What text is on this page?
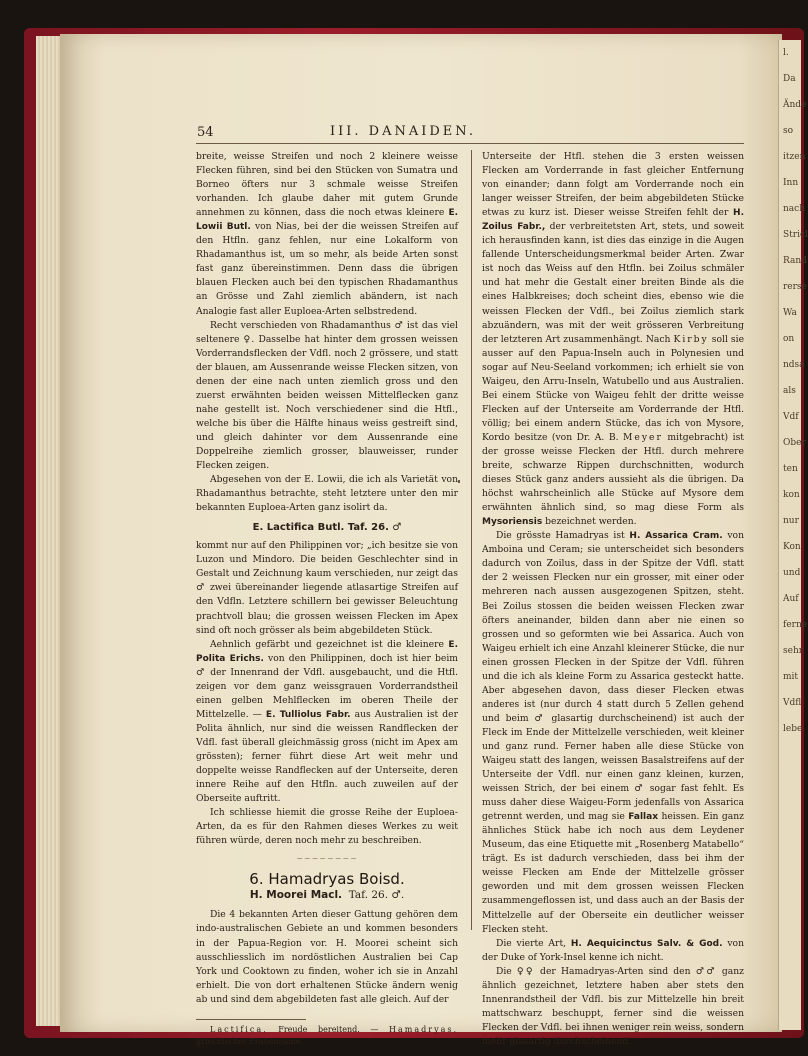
l. Da
Ände
so
itzen
Inn
nach
Stricl
Rand
rerse
Wa
on
ndsa
als
Vdf
Ober
ten
kon
nur
Kon
und
Auf
ferne
sehr
mit
Vdfl
lebe
54	III. DANAIDEN.

breite, weisse Streifen und noch 2 kleinere weisse Flecken führen, sind bei den Stücken von Sumatra und Borneo öfters nur 3 schmale weisse Streifen vorhanden. Ich glaube daher mit gutem Grunde annehmen zu können, dass die noch etwas kleinere E. Lowii Butl. von Nias, bei der die weissen Streifen auf den Htfln. ganz fehlen, nur eine Lokalform von Rhadamanthus ist, um so mehr, als beide Arten sonst fast ganz übereinstimmen. Denn dass die übrigen blauen Flecken auch bei den typischen Rhadamanthus an Grösse und Zahl ziemlich abändern, ist nach Analogie fast aller Euploea-Arten selbstredend.

Recht verschieden von Rhadamanthus ♂ ist das viel seltenere ♀. Dasselbe hat hinter dem grossen weissen Vorderrandsflecken der Vdfl. noch 2 grössere, und statt der blauen, am Aussenrande weisse Flecken sitzen, von denen der eine nach unten ziemlich gross und den zuerst erwähnten beiden weissen Mittelflecken ganz nahe gestellt ist. Noch verschiedener sind die Htfl., welche bis über die Hälfte hinaus weiss gestreift sind, und gleich dahinter vor dem Aussenrande eine Doppelreihe ziemlich grosser, blauweisser, runder Flecken zeigen.

Abgesehen von der E. Lowii, die ich als Varietät von Rhadamanthus betrachte, steht letztere unter den mir bekannten Euploea-Arten ganz isolirt da.

E. Lactifica Butl. Taf. 26. ♂

kommt nur auf den Philippinen vor; „ich besitze sie von Luzon und Mindoro. Die beiden Geschlechter sind in Gestalt und Zeichnung kaum verschieden, nur zeigt das ♂ zwei übereinander liegende atlasartige Streifen auf den Vdfln. Letztere schillern bei gewisser Beleuchtung prachtvoll blau; die grossen weissen Flecken im Apex sind oft noch grösser als beim abgebildeten Stück.

Aehnlich gefärbt und gezeichnet ist die kleinere E. Polita Erichs. von den Philippinen, doch ist hier beim ♂ der Innenrand der Vdfl. ausgebaucht, und die Htfl. zeigen vor dem ganz weissgrauen Vorderrandstheil einen gelben Mehlflecken im oberen Theile der Mittelzelle. — E. Tulliolus Fabr. aus Australien ist der Polita ähnlich, nur sind die weissen Randflecken der Vdfl. fast überall gleichmässig gross (nicht im Apex am grössten); ferner führt diese Art weit mehr und doppelte weisse Randflecken auf der Unterseite, deren innere Reihe auf den Htfln. auch zuweilen auf der Oberseite auftritt.

Ich schliesse hiemit die grosse Reihe der Euploea-Arten, da es für den Rahmen dieses Werkes zu weit führen würde, deren noch mehr zu beschreiben.

~~~~~~~~
6. Hamadryas Boisd.
H. Moorei Macl. Taf. 26. ♂.

Die 4 bekannten Arten dieser Gattung gehören dem indo-australischen Gebiete an und kommen besonders in der Papua-Region vor. H. Moorei scheint sich ausschliesslich im nordöstlichen Australien bei Cap York und Cooktown zu finden, woher ich sie in Anzahl erhielt. Die von dort erhaltenen Stücke ändern wenig ab und sind dem abgebildeten fast alle gleich. Auf der

Lactifica, Freude bereitend. — Hamadryas, griechischer Frauenname.

Unterseite der Htfl. stehen die 3 ersten weissen Flecken am Vorderrande in fast gleicher Entfernung von einander; dann folgt am Vorderrande noch ein langer weisser Streifen, der beim abgebildeten Stücke etwas zu kurz ist. Dieser weisse Streifen fehlt der H. Zoilus Fabr., der verbreitetsten Art, stets, und soweit ich herausfinden kann, ist dies das einzige in die Augen fallende Unterscheidungsmerkmal beider Arten. Zwar ist noch das Weiss auf den Htfln. bei Zoilus schmäler und hat mehr die Gestalt einer breiten Binde als die eines Halbkreises; doch scheint dies, ebenso wie die weissen Flecken der Vdfl., bei Zoilus ziemlich stark abzuändern, was mit der weit grösseren Verbreitung der letzteren Art zusammenhängt. Nach Kirby soll sie ausser auf den Papua-Inseln auch in Polynesien und sogar auf Neu-Seeland vorkommen; ich erhielt sie von Waigeu, den Arru-Inseln, Watubello und aus Australien. Bei einem Stücke von Waigeu fehlt der dritte weisse Flecken auf der Unterseite am Vorderrande der Htfl. völlig; bei einem andern Stücke, das ich von Mysore, Kordo besitze (von Dr. A. B. Meyer mitgebracht) ist der grosse weisse Flecken der Htfl. durch mehrere breite, schwarze Rippen durchschnitten, wodurch dieses Stück ganz anders aussieht als die übrigen. Da höchst wahrscheinlich alle Stücke auf Mysore dem erwähnten ähnlich sind, so mag diese Form als Mysoriensis bezeichnet werden.

Die grösste Hamadryas ist H. Assarica Cram. von Amboina und Ceram; sie unterscheidet sich besonders dadurch von Zoilus, dass in der Spitze der Vdfl. statt der 2 weissen Flecken nur ein grosser, mit einer oder mehreren nach aussen ausgezogenen Spitzen, steht. Bei Zoilus stossen die beiden weissen Flecken zwar öfters aneinander, bilden dann aber nie einen so grossen und so geformten wie bei Assarica. Auch von Waigeu erhielt ich eine Anzahl kleinerer Stücke, die nur einen grossen Flecken in der Spitze der Vdfl. führen und die ich als kleine Form zu Assarica gesteckt hatte. Aber abgesehen davon, dass dieser Flecken etwas anderes ist (nur durch 4 statt durch 5 Zellen gehend und beim ♂ glasartig durchscheinend) ist auch der Fleck im Ende der Mittelzelle verschieden, weit kleiner und ganz rund. Ferner haben alle diese Stücke von Waigeu statt des langen, weissen Basalstreifens auf der Unterseite der Vdfl. nur einen ganz kleinen, kurzen, weissen Strich, der bei einem ♂ sogar fast fehlt. Es muss daher diese Waigeu-Form jedenfalls von Assarica getrennt werden, und mag sie Fallax heissen. Ein ganz ähnliches Stück habe ich noch aus dem Leydener Museum, das eine Etiquette mit „Rosenberg Matabello“ trägt. Es ist dadurch verschieden, dass bei ihm der weisse Flecken am Ende der Mittelzelle grösser geworden und mit dem grossen weissen Flecken zusammengeflossen ist, und dass auch an der Basis der Mittelzelle auf der Oberseite ein deutlicher weisser Flecken steht.

Die vierte Art, H. Aequicinctus Salv. & God. von der Duke of York-Insel kenne ich nicht.

Die ♀♀ der Hamadryas-Arten sind den ♂♂ ganz ähnlich gezeichnet, letztere haben aber stets den Innenrandstheil der Vdfl. bis zur Mittelzelle hin breit mattschwarz beschuppt, ferner sind die weissen Flecken der Vdfl. bei ihnen weniger rein weiss, sondern mehr glasartig durchscheinend.
